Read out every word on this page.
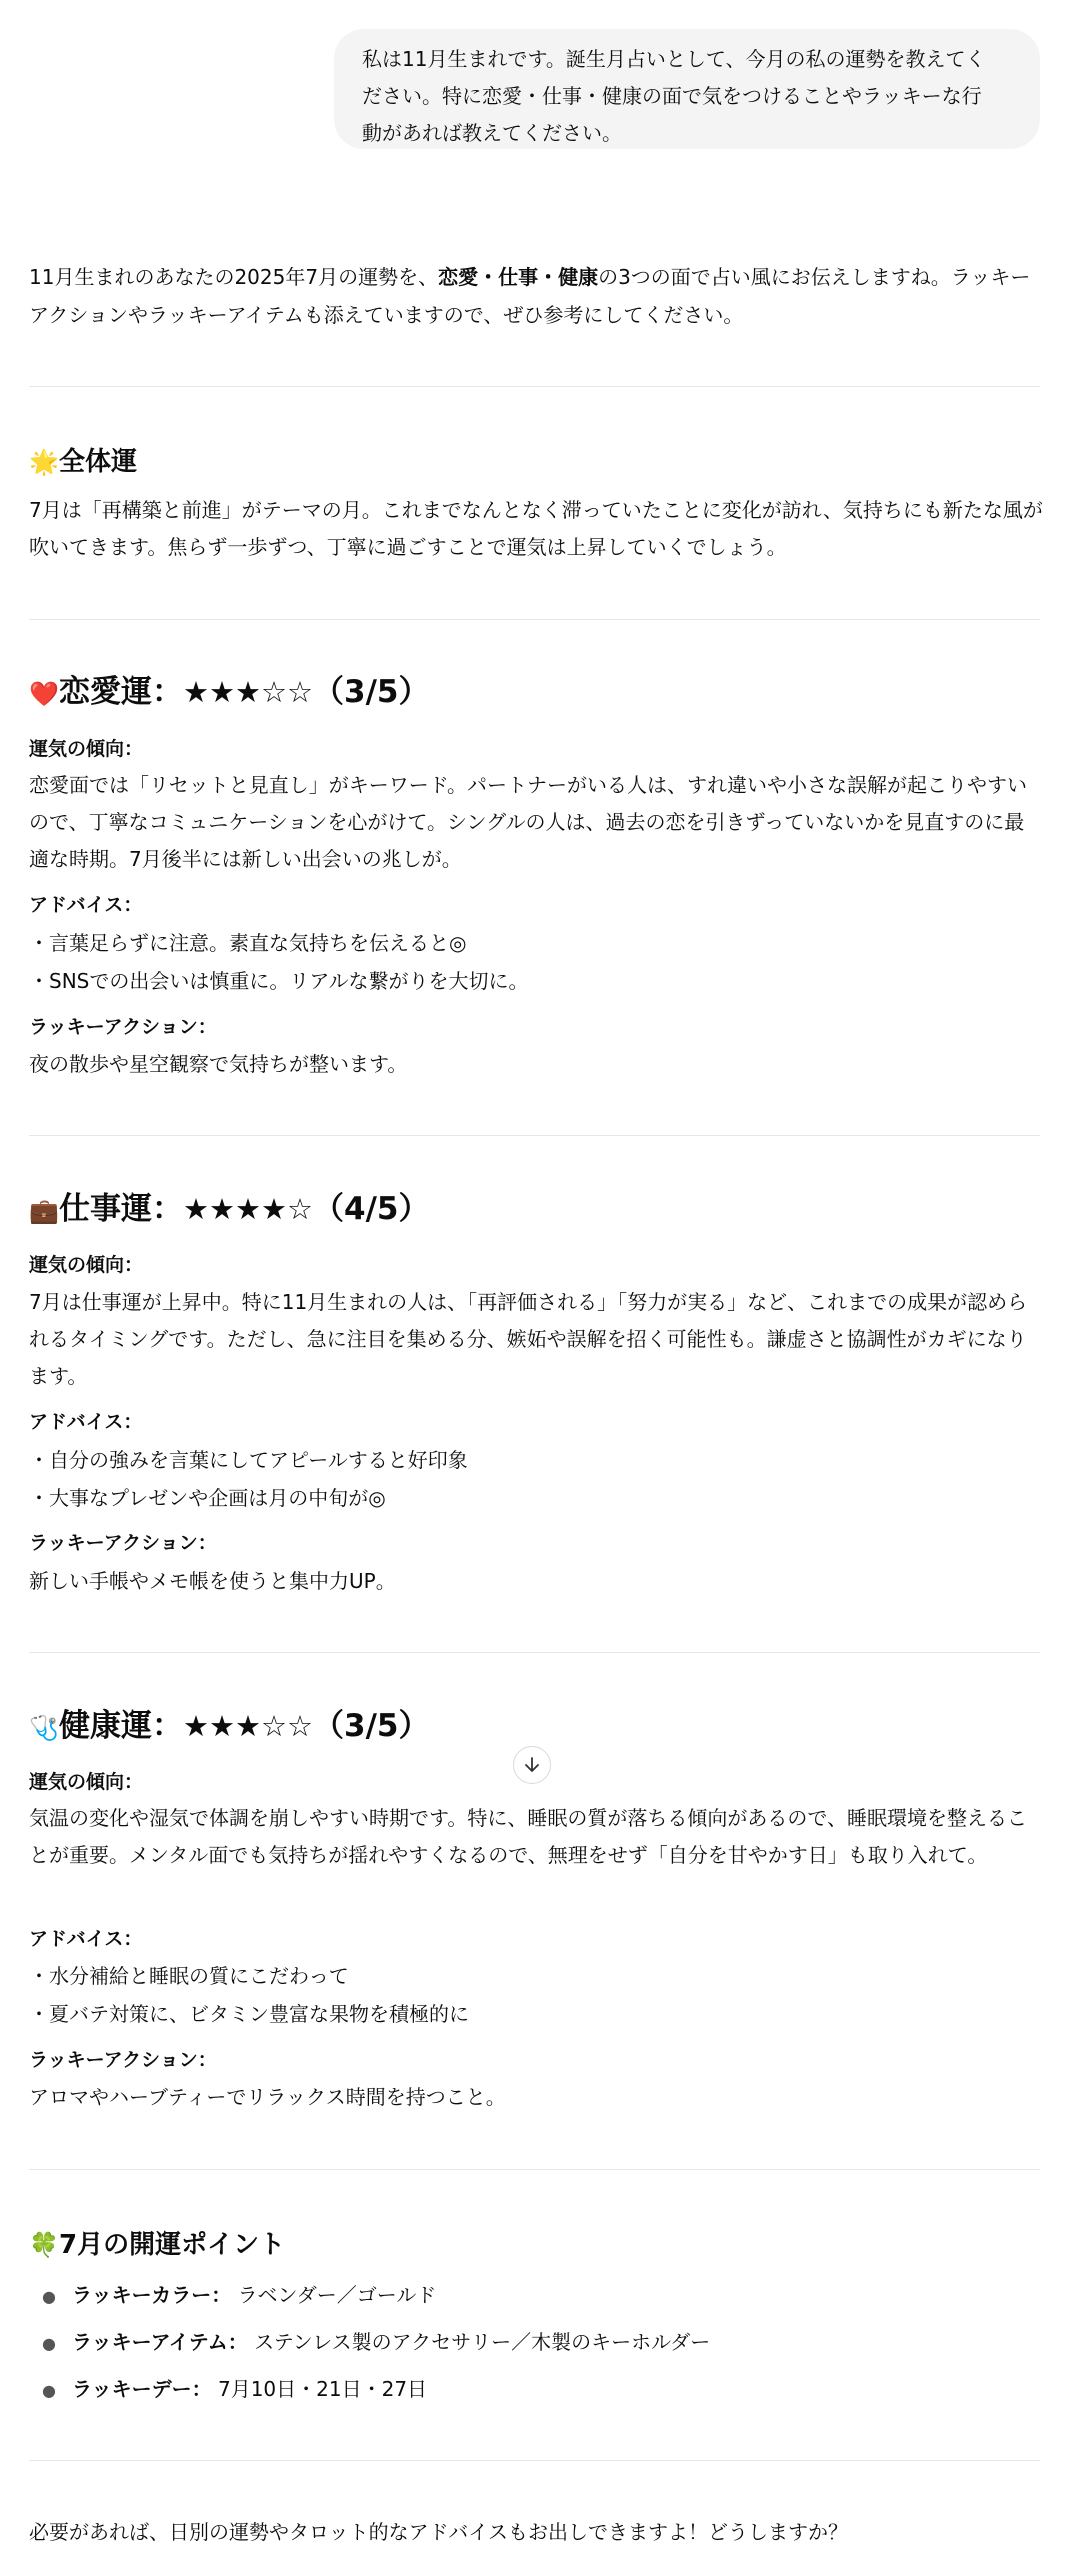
私は11月生まれです。誕生月占いとして、今月の私の運勢を教えてく
ださい。特に恋愛・仕事・健康の面で気をつけることやラッキーな行
動があれば教えてください。
11月生まれのあなたの2025年7月の運勢を、恋愛・仕事・健康の3つの面で占い風にお伝えしますね。ラッキーアクションやラッキーアイテムも添えていますので、ぜひ参考にしてください。
🌟全体運
7月は「再構築と前進」がテーマの月。これまでなんとなく滞っていたことに変化が訪れ、気持ちにも新たな風が吹いてきます。焦らず一歩ずつ、丁寧に過ごすことで運気は上昇していくでしょう。
❤️恋愛運：★★★☆☆（3/5）
運気の傾向：
恋愛面では「リセットと見直し」がキーワード。パートナーがいる人は、すれ違いや小さな誤解が起こりやすいので、丁寧なコミュニケーションを心がけて。シングルの人は、過去の恋を引きずっていないかを見直すのに最適な時期。7月後半には新しい出会いの兆しが。
アドバイス：
・言葉足らずに注意。素直な気持ちを伝えると◎
・SNSでの出会いは慎重に。リアルな繋がりを大切に。
ラッキーアクション：
夜の散歩や星空観察で気持ちが整います。
💼仕事運：★★★★☆（4/5）
運気の傾向：
7月は仕事運が上昇中。特に11月生まれの人は、「再評価される」「努力が実る」など、これまでの成果が認められるタイミングです。ただし、急に注目を集める分、嫉妬や誤解を招く可能性も。謙虚さと協調性がカギになります。
アドバイス：
・自分の強みを言葉にしてアピールすると好印象
・大事なプレゼンや企画は月の中旬が◎
ラッキーアクション：
新しい手帳やメモ帳を使うと集中力UP。
🩺健康運：★★★☆☆（3/5）
運気の傾向：
気温の変化や湿気で体調を崩しやすい時期です。特に、睡眠の質が落ちる傾向があるので、睡眠環境を整えることが重要。メンタル面でも気持ちが揺れやすくなるので、無理をせず「自分を甘やかす日」も取り入れて。
アドバイス：
・水分補給と睡眠の質にこだわって
・夏バテ対策に、ビタミン豊富な果物を積極的に
ラッキーアクション：
アロマやハーブティーでリラックス時間を持つこと。
🍀7月の開運ポイント
● ラッキーカラー： ラベンダー／ゴールド
● ラッキーアイテム： ステンレス製のアクセサリー／木製のキーホルダー
● ラッキーデー： 7月10日・21日・27日
必要があれば、日別の運勢やタロット的なアドバイスもお出しできますよ！どうしますか？
